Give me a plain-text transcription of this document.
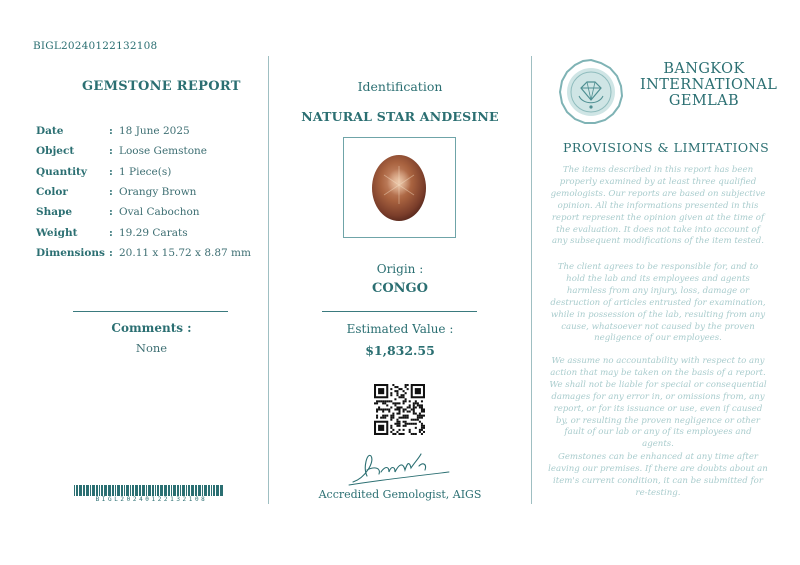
BIGL20240122132108
GEMSTONE REPORT
Date	: 18 June 2025
Object	: Loose Gemstone
Quantity	: 1 Piece(s)
Color	: Orangy Brown
Shape	: Oval Cabochon
Weight	: 19.29 Carats
Dimensions : 20.11 x 15.72 x 8.87 mm
Comments :
None
BIGL20240122132108
Identification
NATURAL STAR ANDESINE
Origin :
CONGO
Estimated Value :
$1,832.55
Accredited Gemologist, AIGS
BANGKOK
INTERNATIONAL
GEMLAB
PROVISIONS & LIMITATIONS
The items described in this report has been properly examined by at least three qualified gemologists. Our reports are based on subjective opinion. All the informations presented in this report represent the opinion given at the time of the evaluation. It does not take into account of any subsequent modifications of the item tested.
The client agrees to be responsible for, and to hold the lab and its employees and agents harmless from any injury, loss, damage or destruction of articles entrusted for examination, while in possession of the lab, resulting from any cause, whatsoever not caused by the proven negligence of our employees.
We assume no accountability with respect to any action that may be taken on the basis of a report. We shall not be liable for special or consequential damages for any error in, or omissions from, any report, or for its issuance or use, even if caused by, or resulting the proven negligence or other fault of our lab or any of its employees and agents.
Gemstones can be enhanced at any time after leaving our premises. If there are doubts about an item's current condition, it can be submitted for re-testing.
